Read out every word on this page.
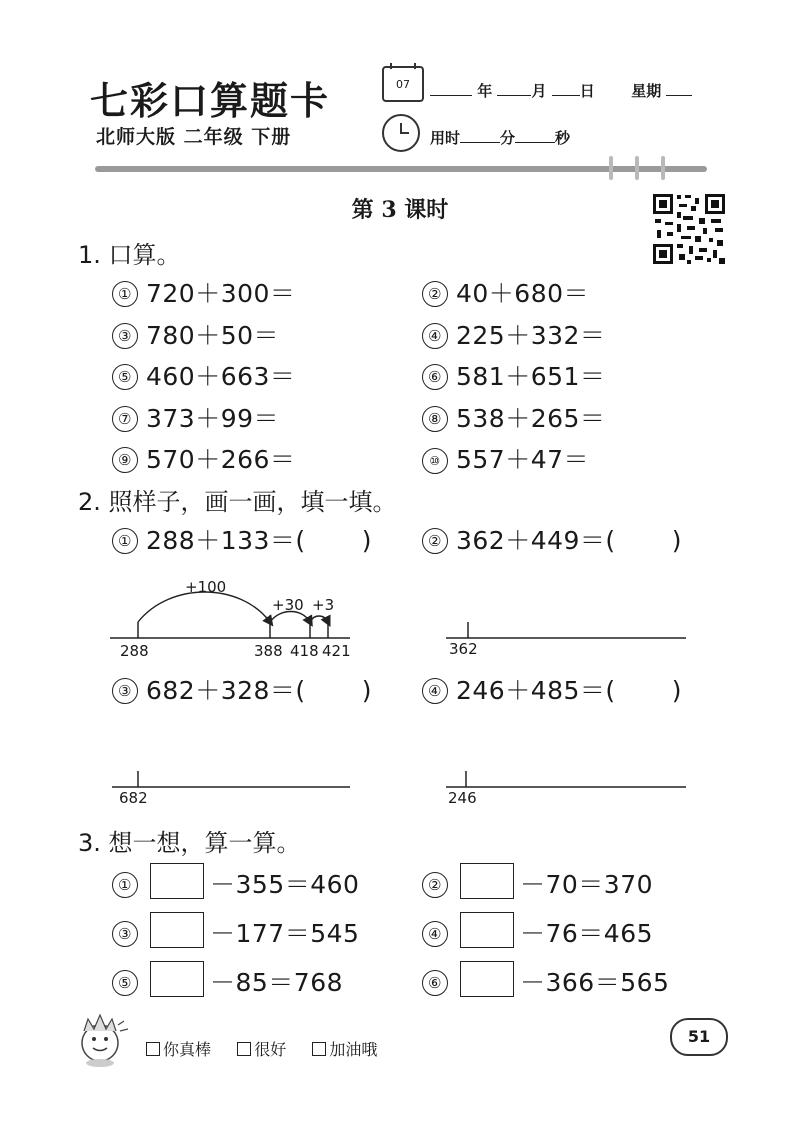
七彩口算题卡
北师大版 二年级 下册
07	年	月 日 星期
用时	分	秒
第 3 课时
1. 口算。
① 720＋300＝	② 40＋680＝
③ 780＋50＝	④ 225＋332＝
⑤ 460＋663＝	⑥ 581＋651＝
⑦ 373＋99＝	⑧ 538＋265＝
⑨ 570＋266＝	⑩ 557＋47＝
2. 照样子，画一画，填一填。
① 288＋133＝( )	② 362＋449＝( )
③ 682＋328＝( )	④ 246＋485＝( )
+100
+30 +3
288	388 418 421	362
682	246
3. 想一想，算一算。
①	－355＝460	②	－70＝370
③	－177＝545	④	－76＝465
⑤	－85＝768	⑥	－366＝565
你真棒	很好	加油哦
51
